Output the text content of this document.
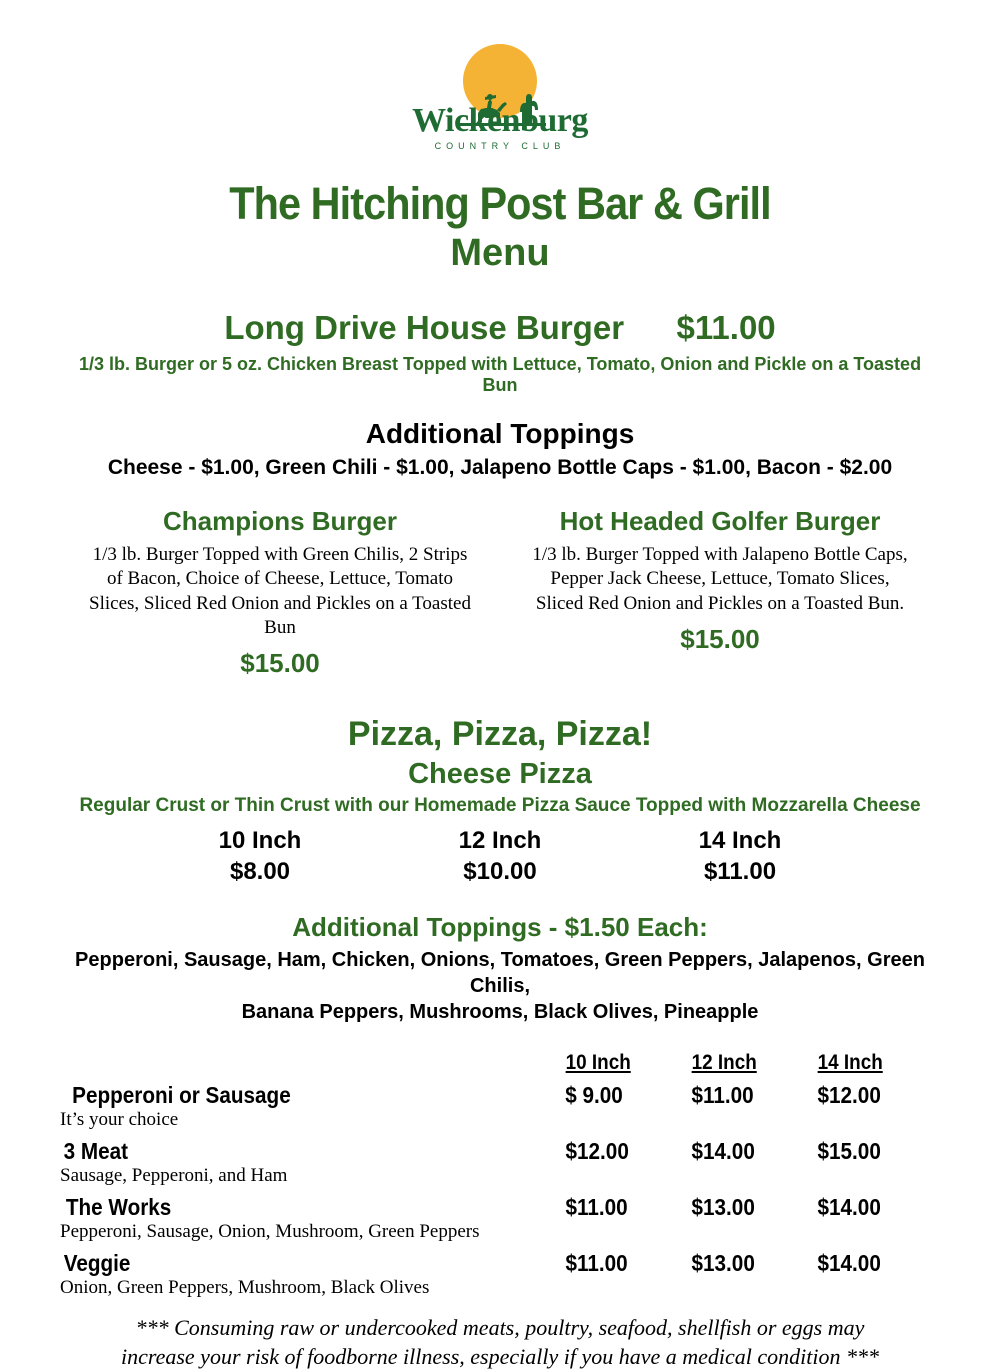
Wickenburg
COUNTRY CLUB
The Hitching Post Bar & Grill
Menu
Long Drive House Burger $11.00
1/3 lb. Burger or 5 oz. Chicken Breast Topped with Lettuce, Tomato, Onion and Pickle on a Toasted Bun
Additional Toppings
Cheese - $1.00, Green Chili - $1.00, Jalapeno Bottle Caps - $1.00, Bacon - $2.00
Champions Burger
1/3 lb. Burger Topped with Green Chilis, 2 Strips of Bacon, Choice of Cheese, Lettuce, Tomato Slices, Sliced Red Onion and Pickles on a Toasted Bun
$15.00
Hot Headed Golfer Burger
1/3 lb. Burger Topped with Jalapeno Bottle Caps, Pepper Jack Cheese, Lettuce, Tomato Slices, Sliced Red Onion and Pickles on a Toasted Bun.
$15.00
Pizza, Pizza, Pizza!
Cheese Pizza
Regular Crust or Thin Crust with our Homemade Pizza Sauce Topped with Mozzarella Cheese
10 Inch	12 Inch	14 Inch
$8.00	$10.00	$11.00
Additional Toppings - $1.50 Each:
Pepperoni, Sausage, Ham, Chicken, Onions, Tomatoes, Green Peppers, Jalapenos, Green Chilis,
Banana Peppers, Mushrooms, Black Olives, Pineapple
	10 Inch	12 Inch	14 Inch
Pepperoni or Sausage	$ 9.00	$11.00	$12.00
It’s your choice			
3 Meat	$12.00	$14.00	$15.00
Sausage, Pepperoni, and Ham			
The Works	$11.00	$13.00	$14.00
Pepperoni, Sausage, Onion, Mushroom, Green Peppers			
Veggie	$11.00	$13.00	$14.00
Onion, Green Peppers, Mushroom, Black Olives			
*** Consuming raw or undercooked meats, poultry, seafood, shellfish or eggs may
increase your risk of foodborne illness, especially if you have a medical condition ***
